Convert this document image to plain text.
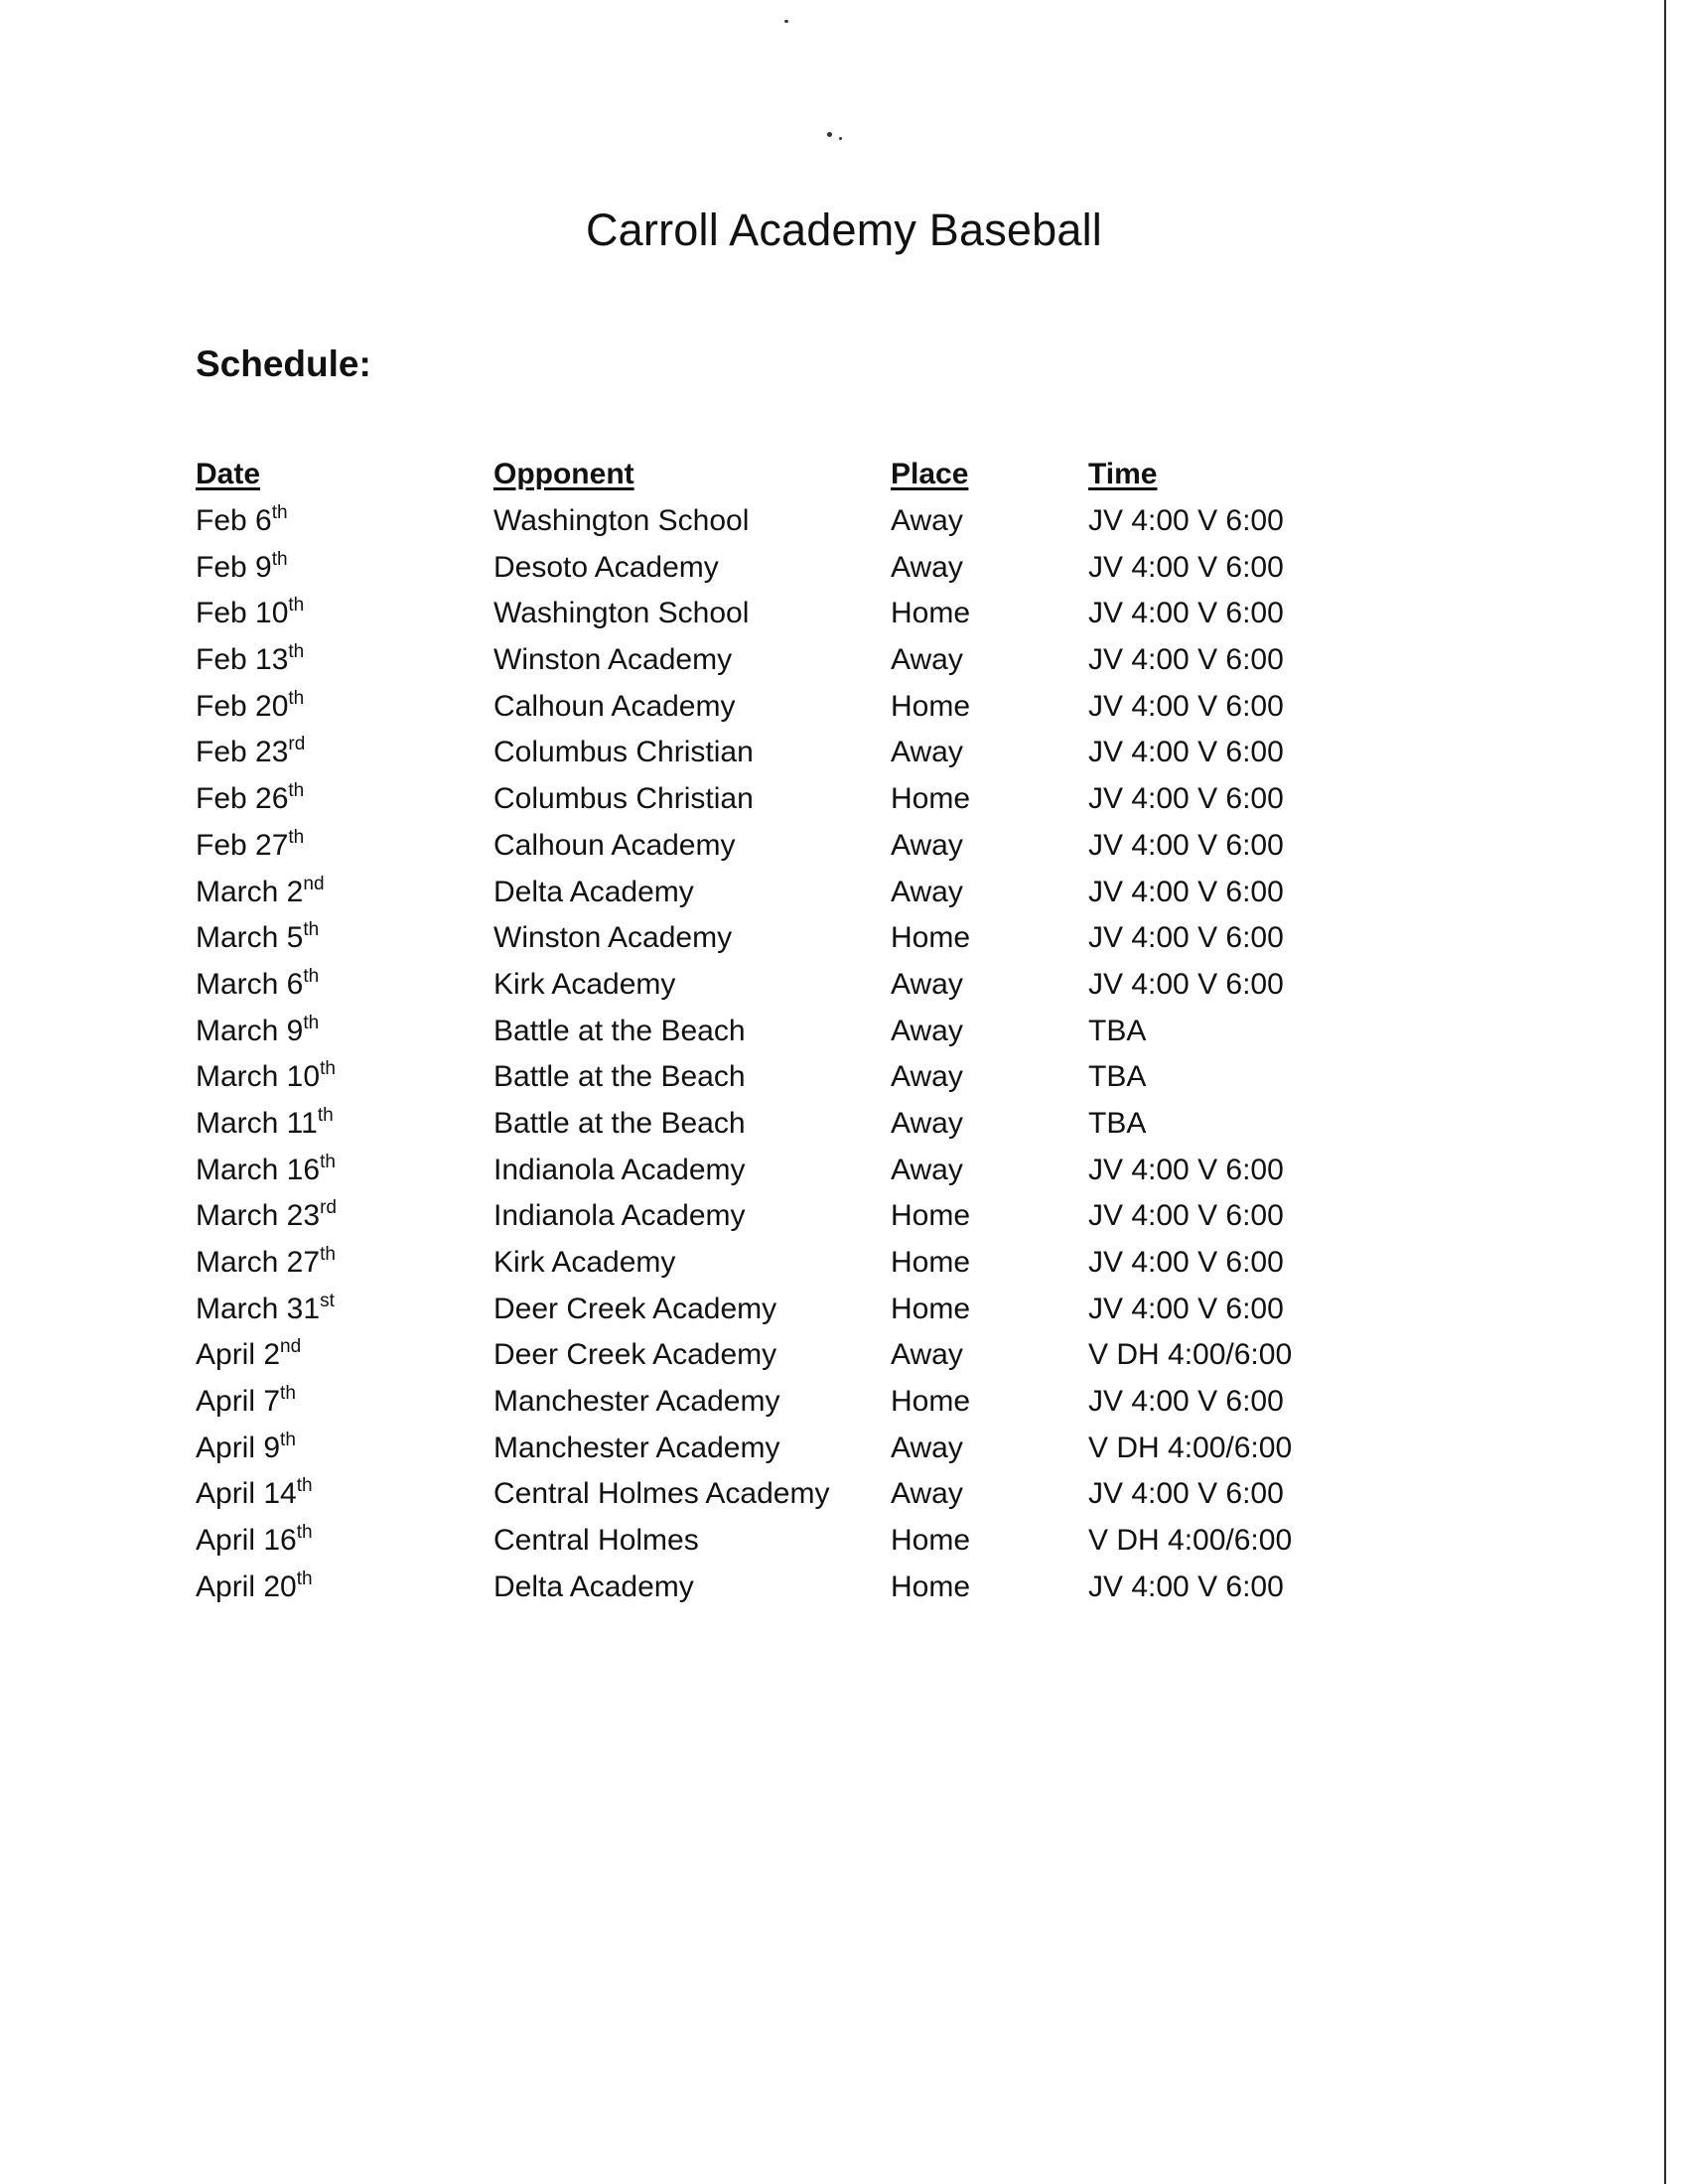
Carroll Academy Baseball
Schedule:
Date	Opponent	Place	Time
Feb 6th	Washington School	Away	JV 4:00 V 6:00
Feb 9th	Desoto Academy	Away	JV 4:00 V 6:00
Feb 10th	Washington School	Home	JV 4:00 V 6:00
Feb 13th	Winston Academy	Away	JV 4:00 V 6:00
Feb 20th	Calhoun Academy	Home	JV 4:00 V 6:00
Feb 23rd	Columbus Christian	Away	JV 4:00 V 6:00
Feb 26th	Columbus Christian	Home	JV 4:00 V 6:00
Feb 27th	Calhoun Academy	Away	JV 4:00 V 6:00
March 2nd	Delta Academy	Away	JV 4:00 V 6:00
March 5th	Winston Academy	Home	JV 4:00 V 6:00
March 6th	Kirk Academy	Away	JV 4:00 V 6:00
March 9th	Battle at the Beach	Away	TBA
March 10th	Battle at the Beach	Away	TBA
March 11th	Battle at the Beach	Away	TBA
March 16th	Indianola Academy	Away	JV 4:00 V 6:00
March 23rd	Indianola Academy	Home	JV 4:00 V 6:00
March 27th	Kirk Academy	Home	JV 4:00 V 6:00
March 31st	Deer Creek Academy	Home	JV 4:00 V 6:00
April 2nd	Deer Creek Academy	Away	V DH 4:00/6:00
April 7th	Manchester Academy	Home	JV 4:00 V 6:00
April 9th	Manchester Academy	Away	V DH 4:00/6:00
April 14th	Central Holmes Academy	Away	JV 4:00 V 6:00
April 16th	Central Holmes	Home	V DH 4:00/6:00
April 20th	Delta Academy	Home	JV 4:00 V 6:00
